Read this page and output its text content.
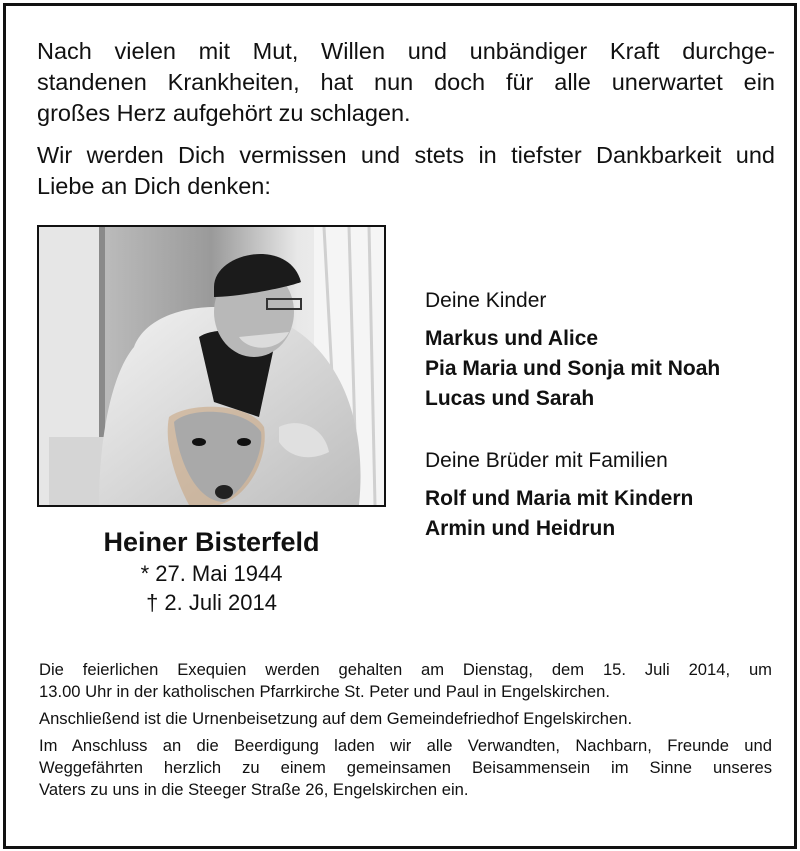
Nach vielen mit Mut, Willen und unbändiger Kraft durchge-
standenen Krankheiten, hat nun doch für alle unerwartet ein
großes Herz aufgehört zu schlagen.
Wir werden Dich vermissen und stets in tiefster Dankbarkeit und
Liebe an Dich denken:

Heiner Bisterfeld

* 27. Mai 1944

† 2. Juli 2014

Deine Kinder

Markus und Alice
Pia Maria und Sonja mit Noah
Lucas und Sarah

Deine Brüder mit Familien

Rolf und Maria mit Kindern
Armin und Heidrun

Die feierlichen Exequien werden gehalten am Dienstag, dem 15. Juli 2014, um
13.00 Uhr in der katholischen Pfarrkirche St. Peter und Paul in Engelskirchen.

Anschließend ist die Urnenbeisetzung auf dem Gemeindefriedhof Engelskirchen.

Im Anschluss an die Beerdigung laden wir alle Verwandten, Nachbarn, Freunde und
Weggefährten herzlich zu einem gemeinsamen Beisammensein im Sinne unseres
Vaters zu uns in die Steeger Straße 26, Engelskirchen ein.
